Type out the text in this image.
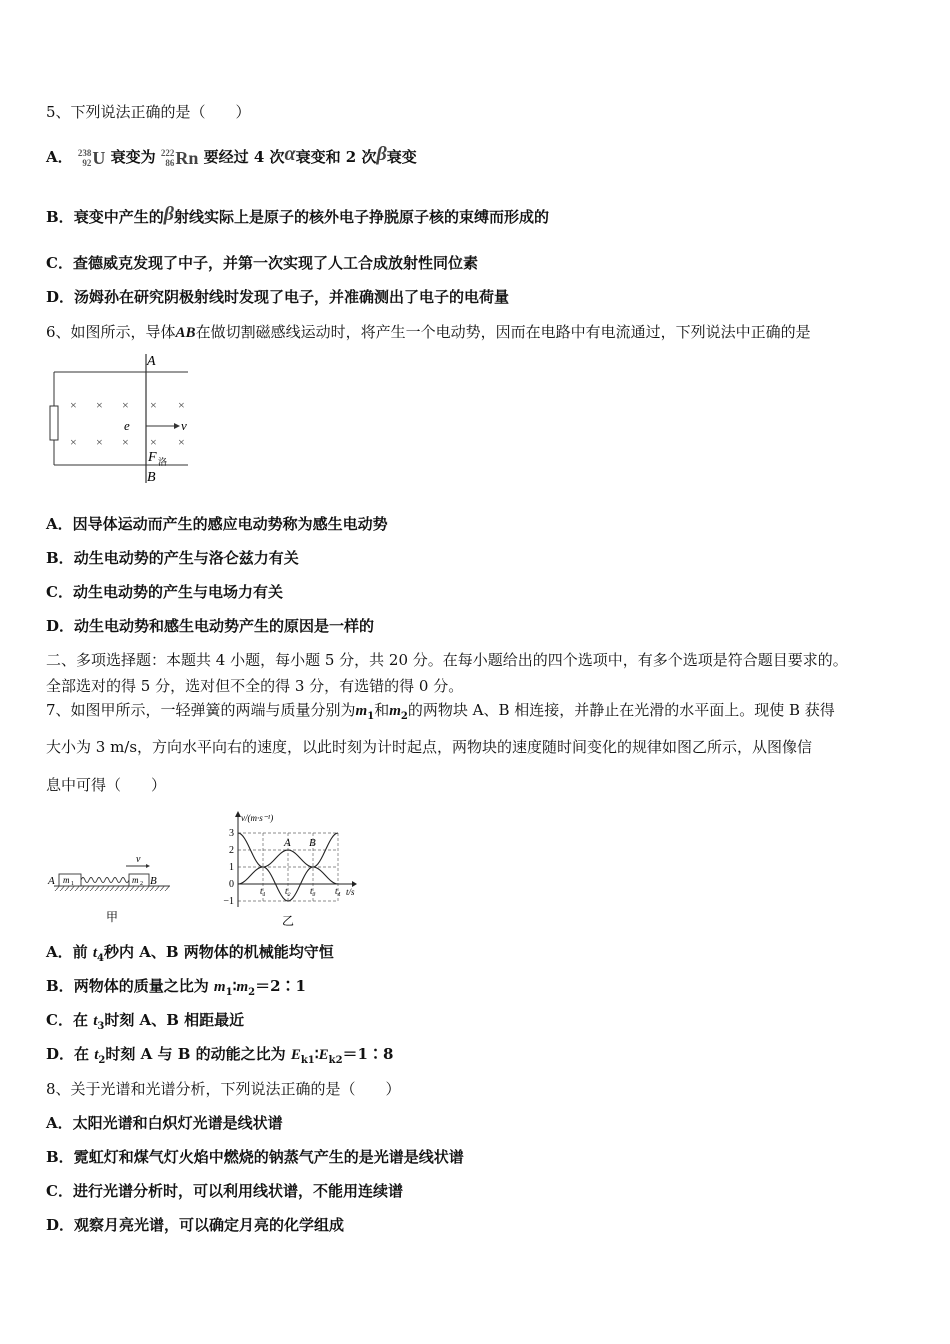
5、下列说法正确的是（　　）
A． 238
92 U 衰变为 222
86 Rn 要经过 4 次α衰变和 2 次β衰变
B．衰变中产生的β射线实际上是原子的核外电子挣脱原子核的束缚而形成的
C．查德威克发现了中子，并第一次实现了人工合成放射性同位素
D．汤姆孙在研究阴极射线时发现了电子，并准确测出了电子的电荷量
6、如图所示，导体AB在做切割磁感线运动时，将产生一个电动势，因而在电路中有电流通过，下列说法中正确的是
A
B
× × × × ×
× × × × ×
e	v
F 洛
A．因导体运动而产生的感应电动势称为感生电动势
B．动生电动势的产生与洛仑兹力有关
C．动生电动势的产生与电场力有关
D．动生电动势和感生电动势产生的原因是一样的
二、多项选择题：本题共 4 小题，每小题 5 分，共 20 分。在每小题给出的四个选项中，有多个选项是符合题目要求的。
全部选对的得 5 分，选对但不全的得 3 分，有选错的得 0 分。
7、如图甲所示，一轻弹簧的两端与质量分别为$m_1$和$m_2$的两物块 A、B 相连接，并静止在光滑的水平面上。现使 B 获得
大小为 3 m/s，方向水平向右的速度，以此时刻为计时起点，两物块的速度随时间变化的规律如图乙所示，从图像信
息中可得（　　）
A m 1	m 2 B
v
甲
v/(m·s⁻¹)
t/s
3
2
1
0
−1
t₁ t₂ t₃ t₄
A B
乙
A．前 $t_4$秒内 A、B 两物体的机械能均守恒
B．两物体的质量之比为 $m_1∶m_2=2∶1$
C．在 $t_3$时刻 A、B 相距最近
D．在 $t_2$时刻 A 与 B 的动能之比为 $E_{k1}∶E_{k2}=1∶8$
8、关于光谱和光谱分析，下列说法正确的是（　　）
A．太阳光谱和白炽灯光谱是线状谱
B．霓虹灯和煤气灯火焰中燃烧的钠蒸气产生的是光谱是线状谱
C．进行光谱分析时，可以利用线状谱，不能用连续谱
D．观察月亮光谱，可以确定月亮的化学组成
